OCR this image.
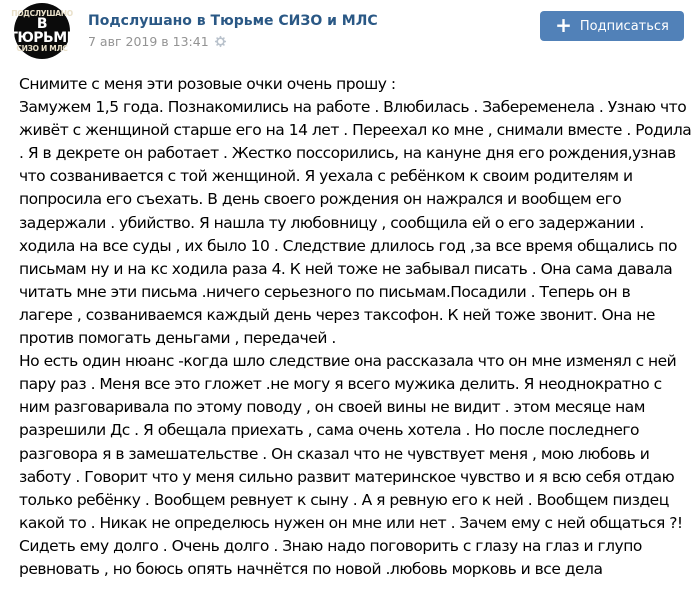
ПОДСЛУШАНО
В ТЮРЬМЕ
СИЗО И МЛС
Подслушано в Тюрьме СИЗО и МЛС
7 авг 2019 в 13:41
+ Подписаться
Снимите с меня эти розовые очки очень прошу :
Замужем 1,5 года. Познакомились на работе . Влюбилась . Забеременела . Узнаю что
живёт с женщиной старше его на 14 лет . Переехал ко мне , снимали вместе . Родила
. Я в декрете он работает . Жестко поссорились, на кануне дня его рождения,узнав
что созванивается с той женщиной. Я уехала с ребёнком к своим родителям и
попросила его съехать. В день своего рождения он нажрался и вообщем его
задержали . убийство. Я нашла ту любовницу , сообщила ей о его задержании .
ходила на все суды , их было 10 . Следствие длилось год ,за все время общались по
письмам ну и на кс ходила раза 4. К ней тоже не забывал писать . Она сама давала
читать мне эти письма .ничего серьезного по письмам.Посадили . Теперь он в
лагере , созваниваемся каждый день через таксофон. К ней тоже звонит. Она не
против помогать деньгами , передачей .
Но есть один нюанс -когда шло следствие она рассказала что он мне изменял с ней
пару раз . Меня все это гложет .не могу я всего мужика делить. Я неоднократно с
ним разговаривала по этому поводу , он своей вины не видит . этом месяце нам
разрешили Дс . Я обещала приехать , сама очень хотела . Но после последнего
разговора я в замешательстве . Он сказал что не чувствует меня , мою любовь и
заботу . Говорит что у меня сильно развит материнское чувство и я всю себя отдаю
только ребёнку . Вообщем ревнует к сыну . А я ревную его к ней . Вообщем пиздец
какой то . Никак не определюсь нужен он мне или нет . Зачем ему с ней общаться ?!
Сидеть ему долго . Очень долго . Знаю надо поговорить с глазу на глаз и глупо
ревновать , но боюсь опять начнётся по новой .любовь морковь и все дела
